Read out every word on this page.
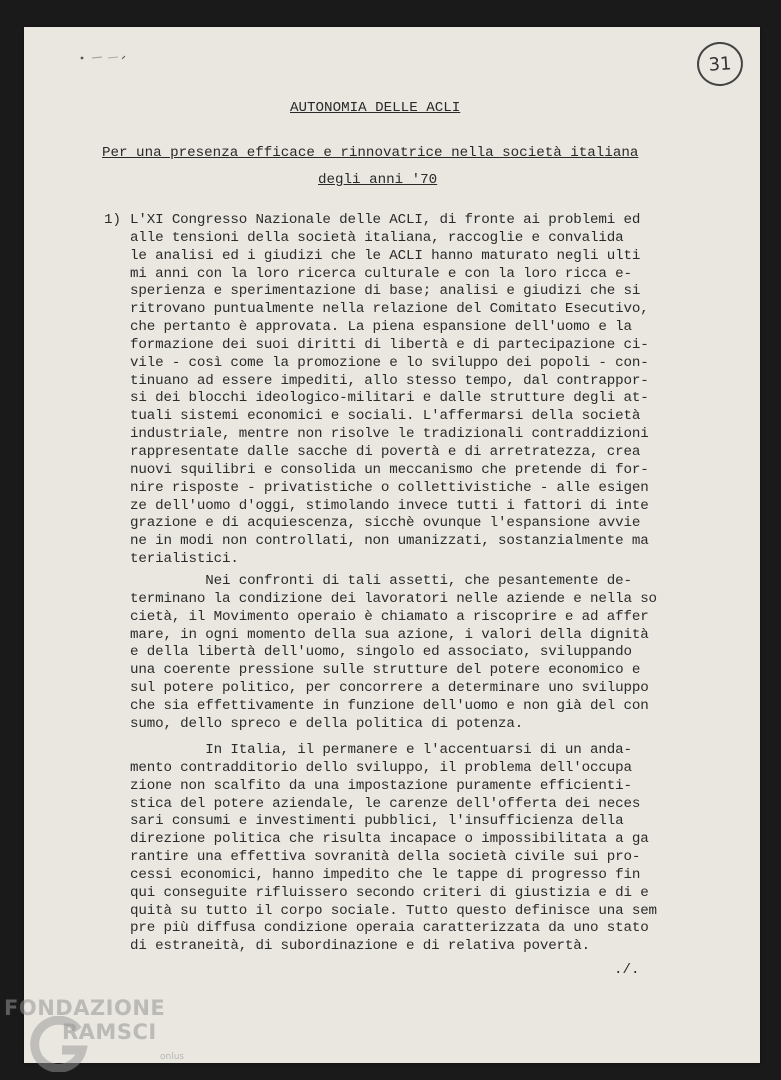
31
AUTONOMIA DELLE ACLI
Per una presenza efficace e rinnovatrice nella società italiana
degli anni '70
1) L'XI Congresso Nazionale delle ACLI, di fronte ai problemi ed
alle tensioni della società italiana, raccoglie e convalida
le analisi ed i giudizi che le ACLI hanno maturato negli ulti
mi anni con la loro ricerca culturale e con la loro ricca e-
sperienza e sperimentazione di base; analisi e giudizi che si
ritrovano puntualmente nella relazione del Comitato Esecutivo,
che pertanto è approvata. La piena espansione dell'uomo e la
formazione dei suoi diritti di libertà e di partecipazione ci-
vile - così come la promozione e lo sviluppo dei popoli - con-
tinuano ad essere impediti, allo stesso tempo, dal contrappor-
si dei blocchi ideologico-militari e dalle strutture degli at-
tuali sistemi economici e sociali. L'affermarsi della società
industriale, mentre non risolve le tradizionali contraddizioni
rappresentate dalle sacche di povertà e di arretratezza, crea
nuovi squilibri e consolida un meccanismo che pretende di for-
nire risposte - privatistiche o collettivistiche - alle esigen
ze dell'uomo d'oggi, stimolando invece tutti i fattori di inte
grazione e di acquiescenza, sicchè ovunque l'espansione avvie
ne in modi non controllati, non umanizzati, sostanzialmente ma
terialistici.
Nei confronti di tali assetti, che pesantemente de-
terminano la condizione dei lavoratori nelle aziende e nella so
cietà, il Movimento operaio è chiamato a riscoprire e ad affer
mare, in ogni momento della sua azione, i valori della dignità
e della libertà dell'uomo, singolo ed associato, sviluppando
una coerente pressione sulle strutture del potere economico e
sul potere politico, per concorrere a determinare uno sviluppo
che sia effettivamente in funzione dell'uomo e non già del con
sumo, dello spreco e della politica di potenza.
In Italia, il permanere e l'accentuarsi di un anda-
mento contradditorio dello sviluppo, il problema dell'occupa
zione non scalfito da una impostazione puramente efficienti-
stica del potere aziendale, le carenze dell'offerta dei neces
sari consumi e investimenti pubblici, l'insufficienza della
direzione politica che risulta incapace o impossibilitata a ga
rantire una effettiva sovranità della società civile sui pro-
cessi economici, hanno impedito che le tappe di progresso fin
qui conseguite rifluissero secondo criteri di giustizia e di e
quità su tutto il corpo sociale. Tutto questo definisce una sem
pre più diffusa condizione operaia caratterizzata da uno stato
di estraneità, di subordinazione e di relativa povertà.
./.
FONDAZIONE
RAMSCI
onlus
